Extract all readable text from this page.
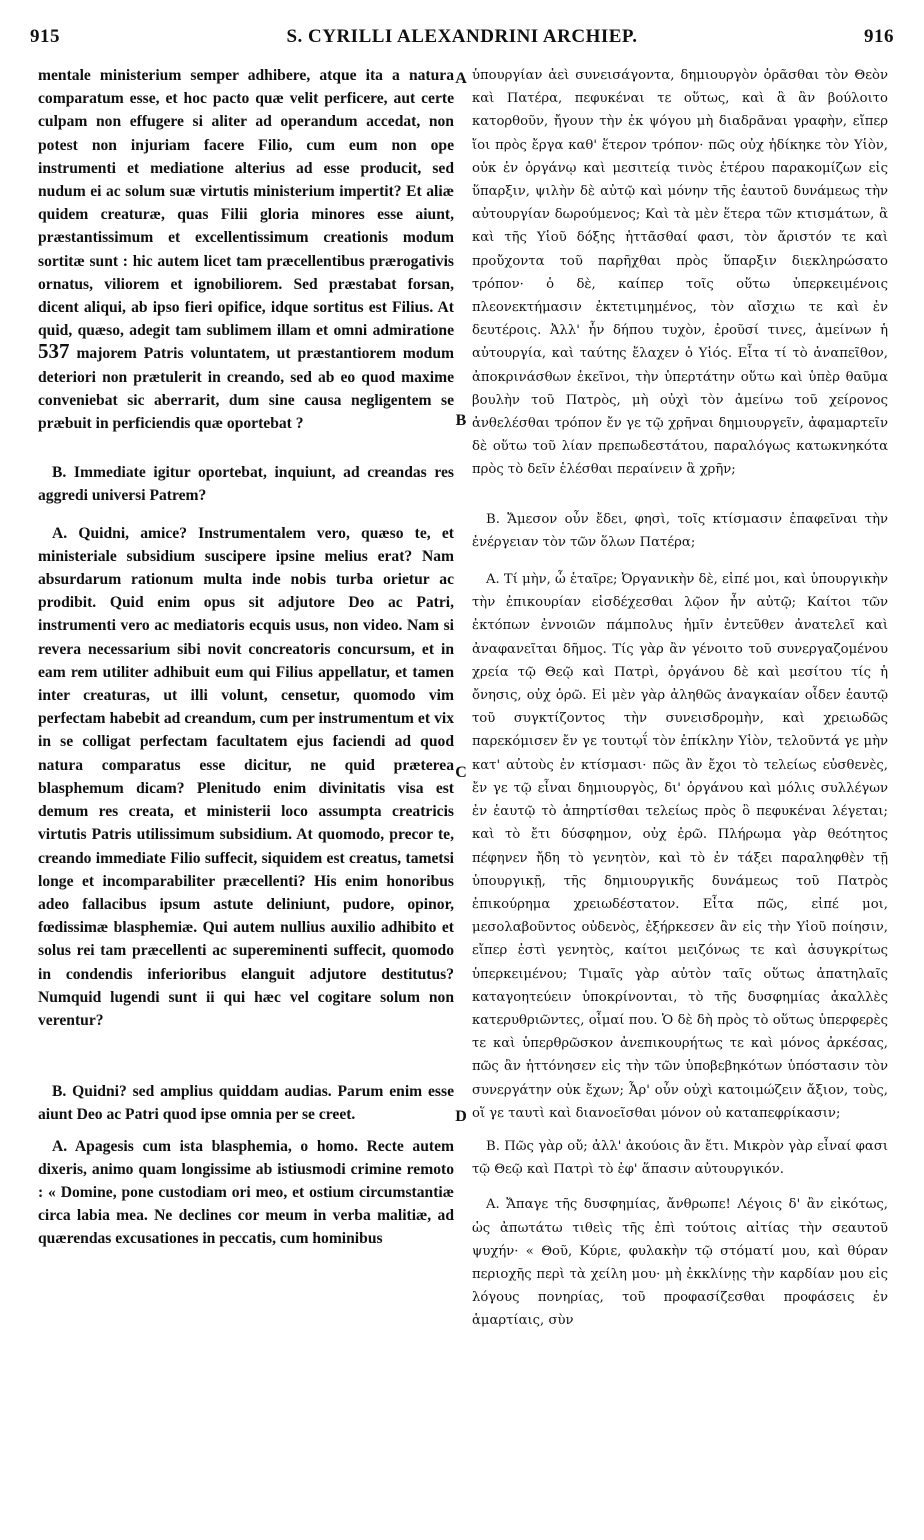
915	S. CYRILLI ALEXANDRINI ARCHIEP.	916

mentale ministerium semper adhibere, atque ita a natura comparatum esse, et hoc pacto quæ velit perficere, aut certe culpam non effugere si aliter ad operandum accedat, non potest non injuriam facere Filio, cum eum non ope instrumenti et mediatione alterius ad esse producit, sed nudum ei ac solum suæ virtutis ministerium impertit? Et aliæ quidem creaturæ, quas Filii gloria minores esse aiunt, præstantissimum et excellentissimum creationis modum sortitæ sunt : hic autem licet tam præcellentibus prærogativis ornatus, viliorem et ignobiliorem. Sed præstabat forsan, dicent aliqui, ab ipso fieri opifice, idque sortitus est Filius. At quid, quæso, adegit tam sublimem illam et omni admiratione 537 majorem Patris voluntatem, ut præstantiorem modum deteriori non prætulerit in creando, sed ab eo quod maxime conveniebat sic aberrarit, dum sine causa negligentem se præbuit in perficiendis quæ oportebat ?

B. Immediate igitur oportebat, inquiunt, ad creandas res aggredi universi Patrem?

A. Quidni, amice? Instrumentalem vero, quæso te, et ministeriale subsidium suscipere ipsine melius erat? Nam absurdarum rationum multa inde nobis turba orietur ac prodibit. Quid enim opus sit adjutore Deo ac Patri, instrumenti vero ac mediatoris ecquis usus, non video. Nam si revera necessarium sibi novit concreatoris concursum, et in eam rem utiliter adhibuit eum qui Filius appellatur, et tamen inter creaturas, ut illi volunt, censetur, quomodo vim perfectam habebit ad creandum, cum per instrumentum et vix in se colligat perfectam facultatem ejus faciendi ad quod natura comparatus esse dicitur, ne quid præterea blasphemum dicam? Plenitudo enim divinitatis visa est demum res creata, et ministerii loco assumpta creatricis virtutis Patris utilissimum subsidium. At quomodo, precor te, creando immediate Filio suffecit, siquidem est creatus, tametsi longe et incomparabiliter præcellenti? His enim honoribus adeo fallacibus ipsum astute deliniunt, pudore, opinor, fœdissimæ blasphemiæ. Qui autem nullius auxilio adhibito et solus rei tam præcellenti ac supereminenti suffecit, quomodo in condendis inferioribus elanguit adjutore destitutus? Numquid lugendi sunt ii qui hæc vel cogitare solum non verentur?

B. Quidni? sed amplius quiddam audias. Parum enim esse aiunt Deo ac Patri quod ipse omnia per se creet.

A. Apagesis cum ista blasphemia, o homo. Recte autem dixeris, animo quam longissime ab istiusmodi crimine remoto : « Domine, pone custodiam ori meo, et ostium circumstantiæ circa labia mea. Ne declines cor meum in verba malitiæ, ad quærendas excusationes in peccatis, cum hominibus

ὑπουργίαν ἀεὶ συνεισάγοντα, δημιουργὸν ὁρᾶσθαι τὸν Θεὸν καὶ Πατέρα, πεφυκέναι τε οὕτως, καὶ ἃ ἂν βούλοιτο κατορθοῦν, ἤγουν τὴν ἐκ ψόγου μὴ διαδρᾶναι γραφὴν, εἴπερ ἴοι πρὸς ἔργα καθ' ἕτερον τρόπον· πῶς οὐχ ἠδίκηκε τὸν Υἱὸν, οὐκ ἐν ὀργάνῳ καὶ μεσιτείᾳ τινὸς ἑτέρου παρακομίζων εἰς ὕπαρξιν, ψιλὴν δὲ αὐτῷ καὶ μόνην τῆς ἑαυτοῦ δυνάμεως τὴν αὐτουργίαν δωρούμενος; Καὶ τὰ μὲν ἕτερα τῶν κτισμάτων, ἃ καὶ τῆς Υἱοῦ δόξης ἡττᾶσθαί φασι, τὸν ἄριστόν τε καὶ προὔχοντα τοῦ παρῆχθαι πρὸς ὕπαρξιν διεκληρώσατο τρόπον· ὁ δὲ, καίπερ τοῖς οὕτω ὑπερκειμένοις πλεονεκτήμασιν ἐκτετιμημένος, τὸν αἴσχιω τε καὶ ἐν δευτέροις. Ἀλλ' ἦν δήπου τυχὸν, ἐροῦσί τινες, ἀμείνων ἡ αὐτουργία, καὶ ταύτης ἔλαχεν ὁ Υἱός. Εἶτα τί τὸ ἀναπεῖθον, ἀποκρινάσθων ἐκεῖνοι, τὴν ὑπερτάτην οὕτω καὶ ὑπὲρ θαῦμα βουλὴν τοῦ Πατρὸς, μὴ οὐχὶ τὸν ἀμείνω τοῦ χείρονος ἀνθελέσθαι τρόπον ἔν γε τῷ χρῆναι δημιουργεῖν, ἀφαμαρτεῖν δὲ οὕτω τοῦ λίαν πρεπωδεστάτου, παραλόγως κατωκνηκότα πρὸς τὸ δεῖν ἑλέσθαι περαίνειν ἃ χρῆν;

Β. Ἄμεσον οὖν ἔδει, φησὶ, τοῖς κτίσμασιν ἐπαφεῖναι τὴν ἐνέργειαν τὸν τῶν ὅλων Πατέρα;

Α. Τί μὴν, ὦ ἑταῖρε; Ὀργανικὴν δὲ, εἰπέ μοι, καὶ ὑπουργικὴν τὴν ἐπικουρίαν εἰσδέχεσθαι λῷον ἦν αὐτῷ; Καίτοι τῶν ἐκτόπων ἐννοιῶν πάμπολυς ἡμῖν ἐντεῦθεν ἀνατελεῖ καὶ ἀναφανεῖται δῆμος. Τίς γὰρ ἂν γένοιτο τοῦ συνεργαζομένου χρεία τῷ Θεῷ καὶ Πατρὶ, ὀργάνου δὲ καὶ μεσίτου τίς ἡ ὄνησις, οὐχ ὁρῶ. Εἰ μὲν γὰρ ἀληθῶς ἀναγκαίαν οἶδεν ἑαυτῷ τοῦ συγκτίζοντος τὴν συνεισδρομὴν, καὶ χρειωδῶς παρεκόμισεν ἔν γε τουτῳΐ τὸν ἐπίκλην Υἱὸν, τελοῦντά γε μὴν κατ' αὐτοὺς ἐν κτίσμασι· πῶς ἂν ἔχοι τὸ τελείως εὐσθενὲς, ἔν γε τῷ εἶναι δημιουργὸς, δι' ὀργάνου καὶ μόλις συλλέγων ἐν ἑαυτῷ τὸ ἀπηρτίσθαι τελείως πρὸς ὃ πεφυκέναι λέγεται; καὶ τὸ ἔτι δύσφημον, οὐχ ἐρῶ. Πλήρωμα γὰρ θεότητος πέφηνεν ἤδη τὸ γενητὸν, καὶ τὸ ἐν τάξει παραληφθὲν τῇ ὑπουργικῇ, τῆς δημιουργικῆς δυνάμεως τοῦ Πατρὸς ἐπικούρημα χρειωδέστατον. Εἶτα πῶς, εἰπέ μοι, μεσολαβοῦντος οὐδενὸς, ἐξήρκεσεν ἂν εἰς τὴν Υἱοῦ ποίησιν, εἴπερ ἐστὶ γενητὸς, καίτοι μειζόνως τε καὶ ἀσυγκρίτως ὑπερκειμένου; Τιμαῖς γὰρ αὐτὸν ταῖς οὕτως ἀπατηλαῖς καταγοητεύειν ὑποκρίνονται, τὸ τῆς δυσφημίας ἀκαλλὲς κατερυθριῶντες, οἶμαί που. Ὁ δὲ δὴ πρὸς τὸ οὕτως ὑπερφερὲς τε καὶ ὑπερθρῶσκον ἀνεπικουρήτως τε καὶ μόνος ἀρκέσας, πῶς ἂν ἡττόνησεν εἰς τὴν τῶν ὑποβεβηκότων ὑπόστασιν τὸν συνεργάτην οὐκ ἔχων; Ἆρ' οὖν οὐχὶ κατοιμώζειν ἄξιον, τοὺς, οἵ γε ταυτὶ καὶ διανοεῖσθαι μόνον οὐ καταπεφρίκασιν;

Β. Πῶς γὰρ οὔ; ἀλλ' ἀκούοις ἂν ἔτι. Μικρὸν γὰρ εἶναί φασι τῷ Θεῷ καὶ Πατρὶ τὸ ἐφ' ἅπασιν αὐτουργικόν.

Α. Ἄπαγε τῆς δυσφημίας, ἄνθρωπε! Λέγοις δ' ἂν εἰκότως, ὡς ἀπωτάτω τιθεὶς τῆς ἐπὶ τούτοις αἰτίας τὴν σεαυτοῦ ψυχήν· « Θοῦ, Κύριε, φυλακὴν τῷ στόματί μου, καὶ θύραν περιοχῆς περὶ τὰ χείλη μου· μὴ ἐκκλίνῃς τὴν καρδίαν μου εἰς λόγους πονηρίας, τοῦ προφασίζεσθαι προφάσεις ἐν ἁμαρτίαις, σὺν

A
B
C
D
